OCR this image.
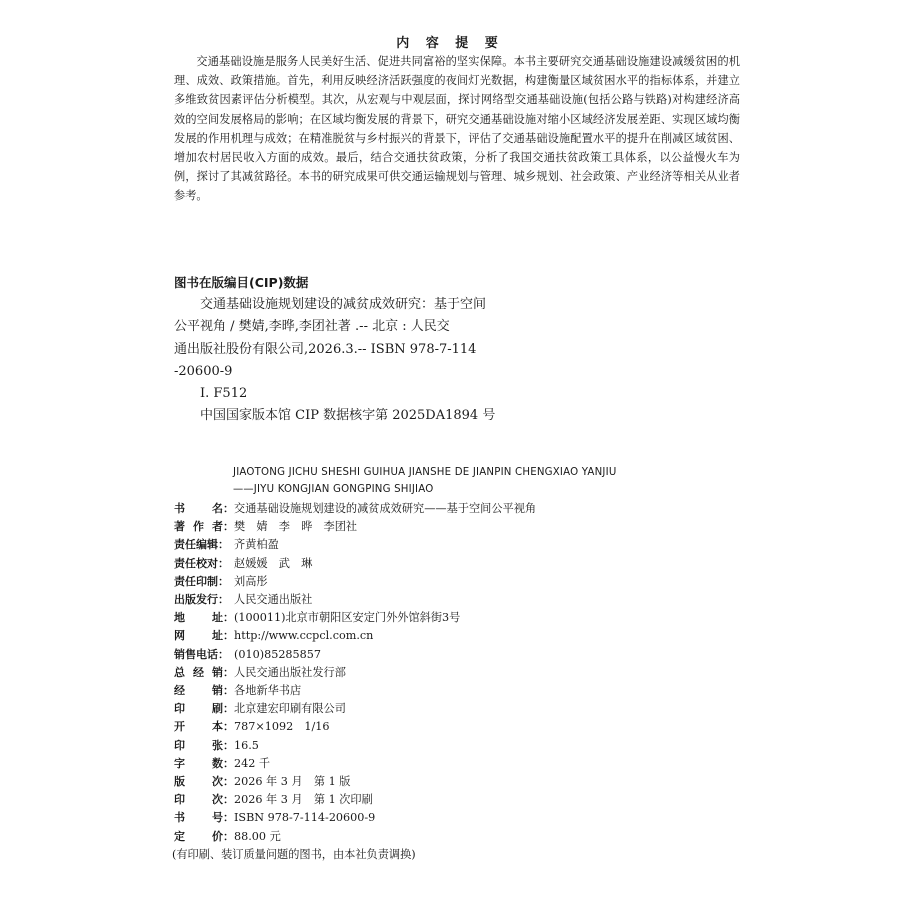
内 容 提 要
交通基础设施是服务人民美好生活、促进共同富裕的坚实保障。本书主要研究交通基础设施建设减缓贫困的机理、成效、政策措施。首先，利用反映经济活跃强度的夜间灯光数据，构建衡量区域贫困水平的指标体系，并建立多维致贫因素评估分析模型。其次，从宏观与中观层面，探讨网络型交通基础设施(包括公路与铁路)对构建经济高效的空间发展格局的影响；在区域均衡发展的背景下，研究交通基础设施对缩小区域经济发展差距、实现区域均衡发展的作用机理与成效；在精准脱贫与乡村振兴的背景下，评估了交通基础设施配置水平的提升在削减区域贫困、增加农村居民收入方面的成效。最后，结合交通扶贫政策，分析了我国交通扶贫政策工具体系，以公益慢火车为例，探讨了其减贫路径。本书的研究成果可供交通运输规划与管理、城乡规划、社会政策、产业经济等相关从业者参考。
图书在版编目(CIP)数据
交通基础设施规划建设的减贫成效研究：基于空间
公平视角 / 樊婧,李晔,李团社著 .-- 北京 : 人民交
通出版社股份有限公司,2026.3.-- ISBN 978-7-114
-20600-9
Ⅰ. F512
中国国家版本馆 CIP 数据核字第 2025DA1894 号
JIAOTONG JICHU SHESHI GUIHUA JIANSHE DE JIANPIN CHENGXIAO YANJIU
——JIYU KONGJIAN GONGPING SHIJIAO
书 名： 交通基础设施规划建设的减贫成效研究——基于空间公平视角
著 作 者： 樊　婧　李　晔　李团社
责任编辑： 齐黄柏盈
责任校对： 赵媛媛　武　琳
责任印制： 刘高彤
出版发行： 人民交通出版社
地 址： (100011)北京市朝阳区安定门外外馆斜街3号
网 址： http://www.ccpcl.com.cn
销售电话： (010)85285857
总 经 销： 人民交通出版社发行部
经 销： 各地新华书店
印 刷： 北京建宏印刷有限公司
开 本： 787×1092　1/16
印 张： 16.5
字 数： 242 千
版 次： 2026 年 3 月　第 1 版
印 次： 2026 年 3 月　第 1 次印刷
书 号： ISBN 978-7-114-20600-9
定 价： 88.00 元
(有印刷、装订质量问题的图书，由本社负责调换)
